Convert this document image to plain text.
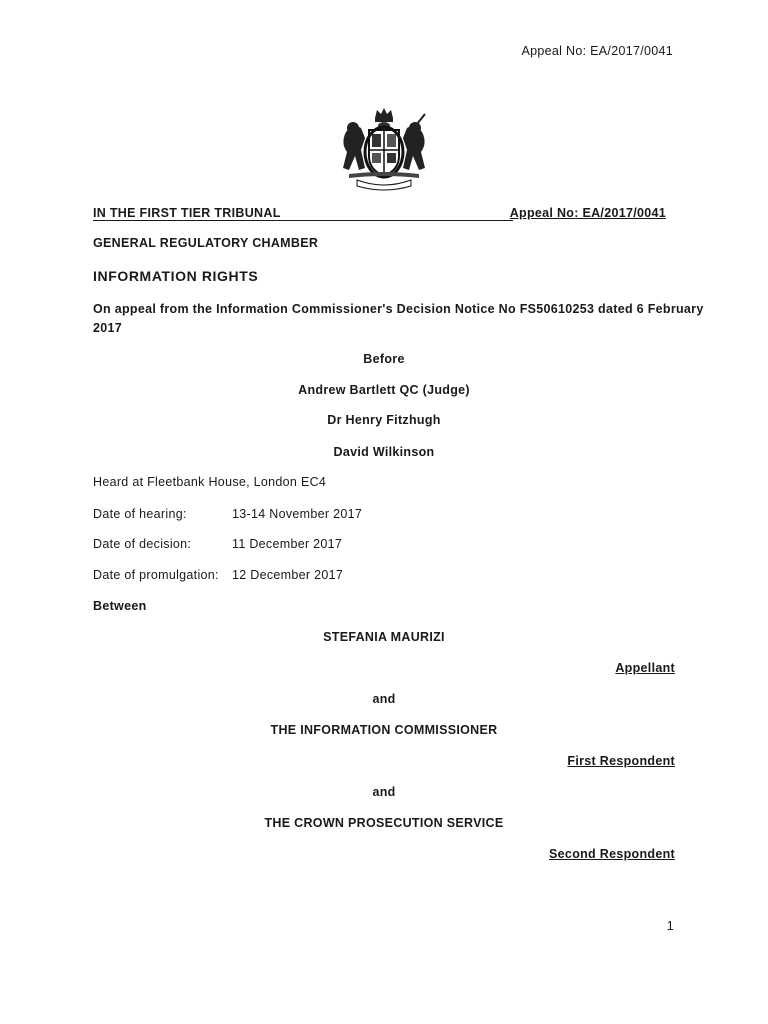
Appeal No: EA/2017/0041
IN THE FIRST TIER TRIBUNAL	Appeal No: EA/2017/0041
GENERAL REGULATORY CHAMBER
INFORMATION RIGHTS
On appeal from the Information Commissioner's Decision Notice No FS50610253 dated 6 February
2017
Before
Andrew Bartlett QC (Judge)
Dr Henry Fitzhugh
David Wilkinson
Heard at Fleetbank House, London EC4
Date of hearing:	13-14 November 2017
Date of decision:	11 December 2017
Date of promulgation: 12 December 2017
Between
STEFANIA MAURIZI
Appellant
and
THE INFORMATION COMMISSIONER
First Respondent
and
THE CROWN PROSECUTION SERVICE
Second Respondent
1
